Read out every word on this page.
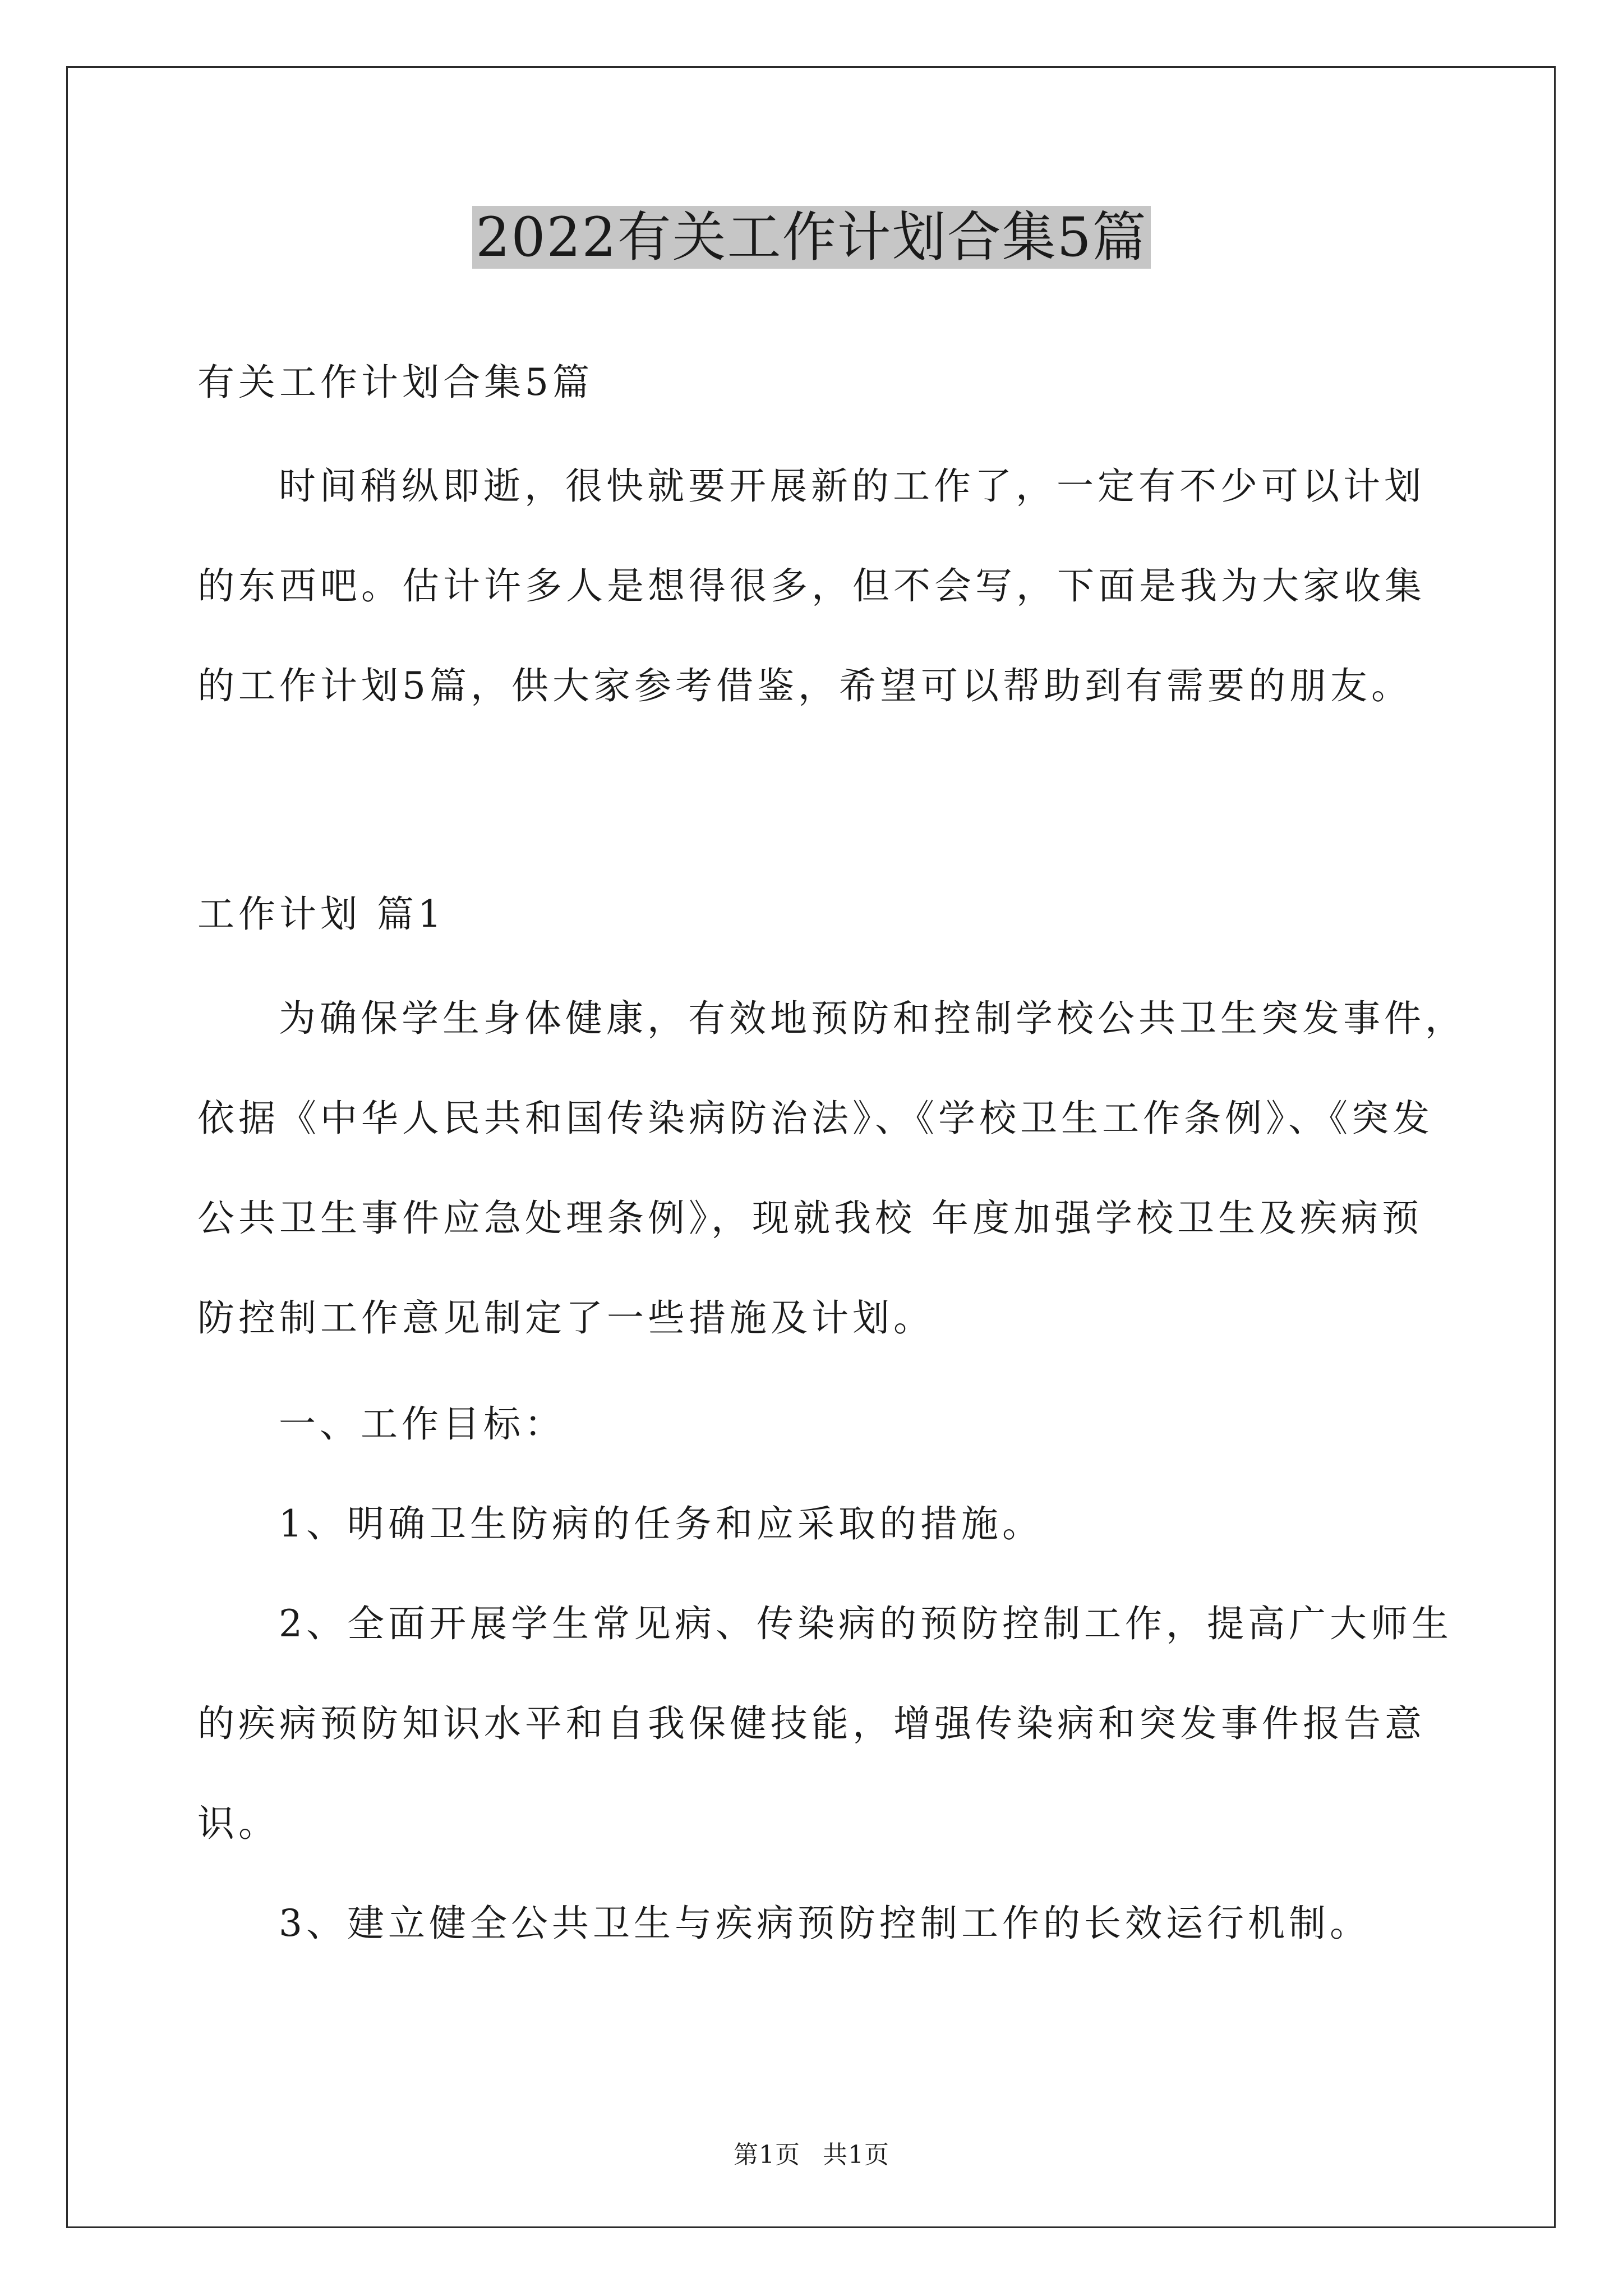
2022有关工作计划合集5篇
有关工作计划合集5篇
时间稍纵即逝，很快就要开展新的工作了，一定有不少可以计划
的东西吧。估计许多人是想得很多，但不会写，下面是我为大家收集
的工作计划5篇，供大家参考借鉴，希望可以帮助到有需要的朋友。
工作计划 篇1
为确保学生身体健康，有效地预防和控制学校公共卫生突发事件，
依据《中华人民共和国传染病防治法》、《学校卫生工作条例》、《突发
公共卫生事件应急处理条例》，现就我校 年度加强学校卫生及疾病预
防控制工作意见制定了一些措施及计划。
一、工作目标：
1、明确卫生防病的任务和应采取的措施。
2、全面开展学生常见病、传染病的预防控制工作，提高广大师生
的疾病预防知识水平和自我保健技能，增强传染病和突发事件报告意
识。
3、建立健全公共卫生与疾病预防控制工作的长效运行机制。
第1页 共1页
